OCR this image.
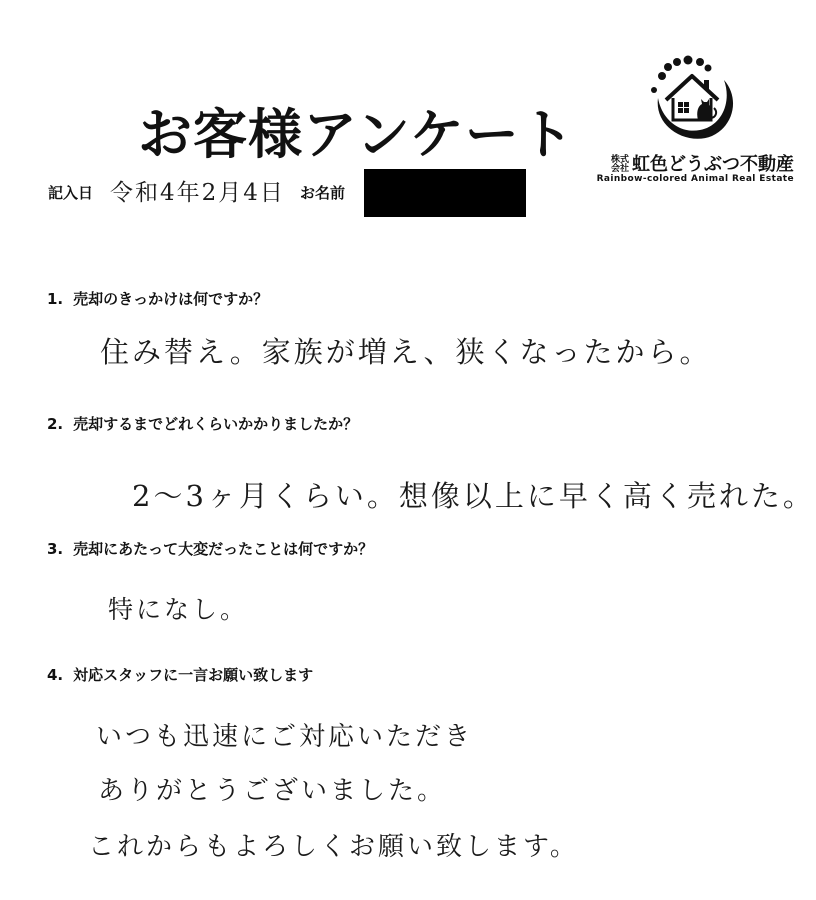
お客様アンケート	株式
会社 虹色どうぶつ不動産
Rainbow-colored Animal Real Estate
記入日 令和4年2月4日 お名前
1. 売却のきっかけは何ですか？
住み替え。家族が増え、狭くなったから。
2. 売却するまでどれくらいかかりましたか？
2～3ヶ月くらい。想像以上に早く高く売れた。
3. 売却にあたって大変だったことは何ですか？
特になし。
4. 対応スタッフに一言お願い致します
いつも迅速にご対応いただき
ありがとうございました。
これからもよろしくお願い致します。
